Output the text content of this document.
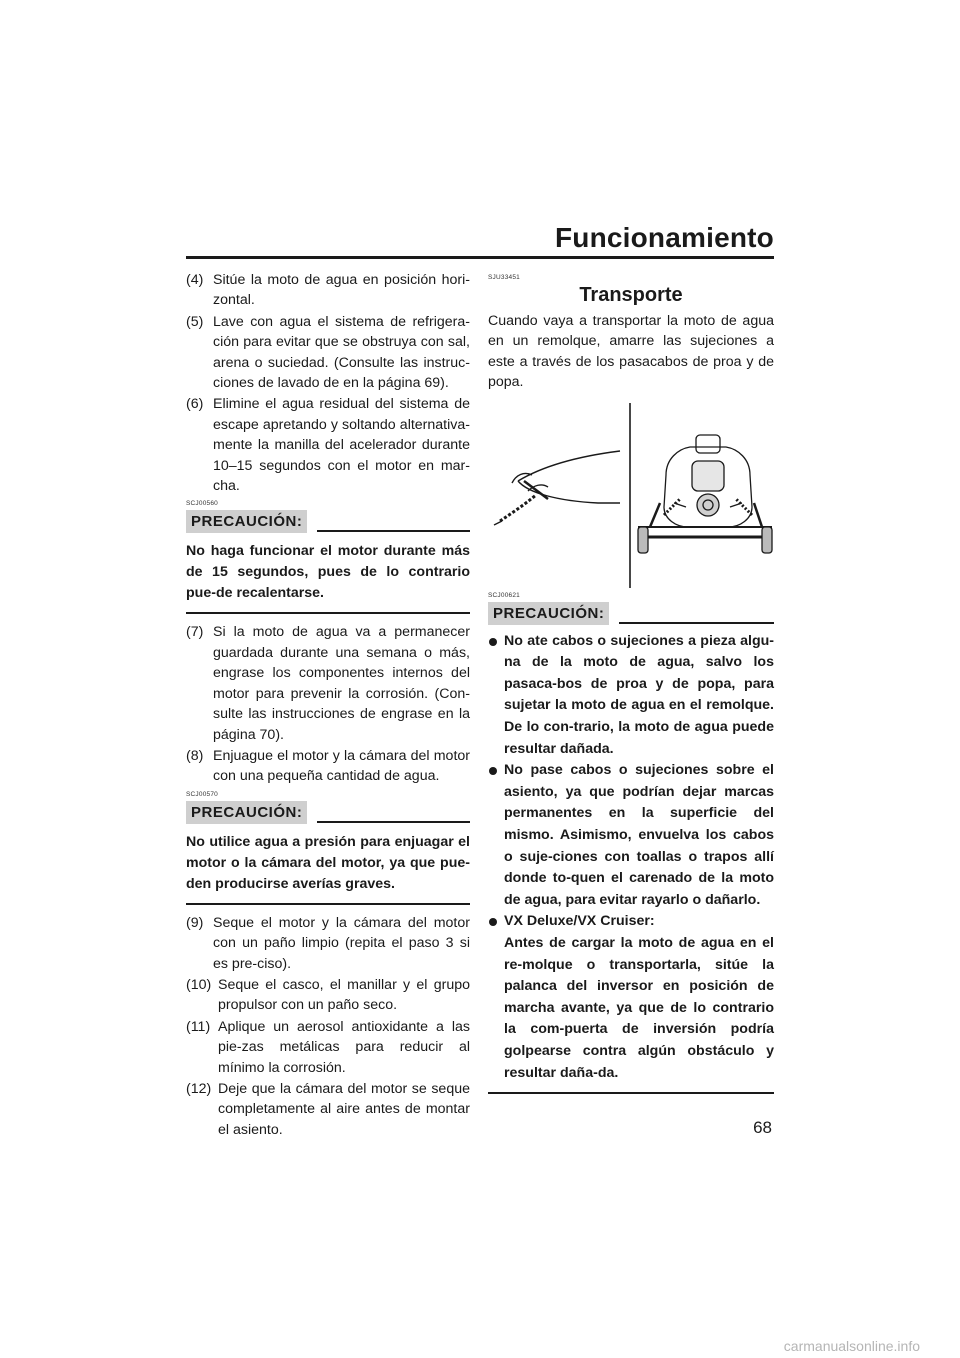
Funcionamiento
(4) Sitúe la moto de agua en posición hori-zontal.
(5) Lave con agua el sistema de refrigera-ción para evitar que se obstruya con sal, arena o suciedad. (Consulte las instruc-ciones de lavado de en la página 69).
(6) Elimine el agua residual del sistema de escape apretando y soltando alternativa-mente la manilla del acelerador durante 10–15 segundos con el motor en mar-cha.
SCJ00560
PRECAUCIÓN:
No haga funcionar el motor durante más de 15 segundos, pues de lo contrario pue-de recalentarse.
(7) Si la moto de agua va a permanecer guardada durante una semana o más, engrase los componentes internos del motor para prevenir la corrosión. (Con-sulte las instrucciones de engrase en la página 70).
(8) Enjuague el motor y la cámara del motor con una pequeña cantidad de agua.
SCJ00570
PRECAUCIÓN:
No utilice agua a presión para enjuagar el motor o la cámara del motor, ya que pue-den producirse averías graves.
(9) Seque el motor y la cámara del motor con un paño limpio (repita el paso 3 si es pre-ciso).
(10) Seque el casco, el manillar y el grupo propulsor con un paño seco.
(11) Aplique un aerosol antioxidante a las pie-zas metálicas para reducir al mínimo la corrosión.
(12) Deje que la cámara del motor se seque completamente al aire antes de montar el asiento.
SJU33451
Transporte

Cuando vaya a transportar la moto de agua en un remolque, amarre las sujeciones a este a través de los pasacabos de proa y de popa.

SCJ00621
PRECAUCIÓN:
No ate cabos o sujeciones a pieza algu-na de la moto de agua, salvo los pasaca-bos de proa y de popa, para sujetar la moto de agua en el remolque. De lo con-trario, la moto de agua puede resultar dañada.
No pase cabos o sujeciones sobre el asiento, ya que podrían dejar marcas permanentes en la superficie del mismo. Asimismo, envuelva los cabos o suje-ciones con toallas o trapos allí donde to-quen el carenado de la moto de agua, para evitar rayarlo o dañarlo.
VX Deluxe/VX Cruiser:
Antes de cargar la moto de agua en el re-molque o transportarla, sitúe la palanca del inversor en posición de marcha avante, ya que de lo contrario la com-puerta de inversión podría golpearse contra algún obstáculo y resultar daña-da.
68
carmanualsonline.info
